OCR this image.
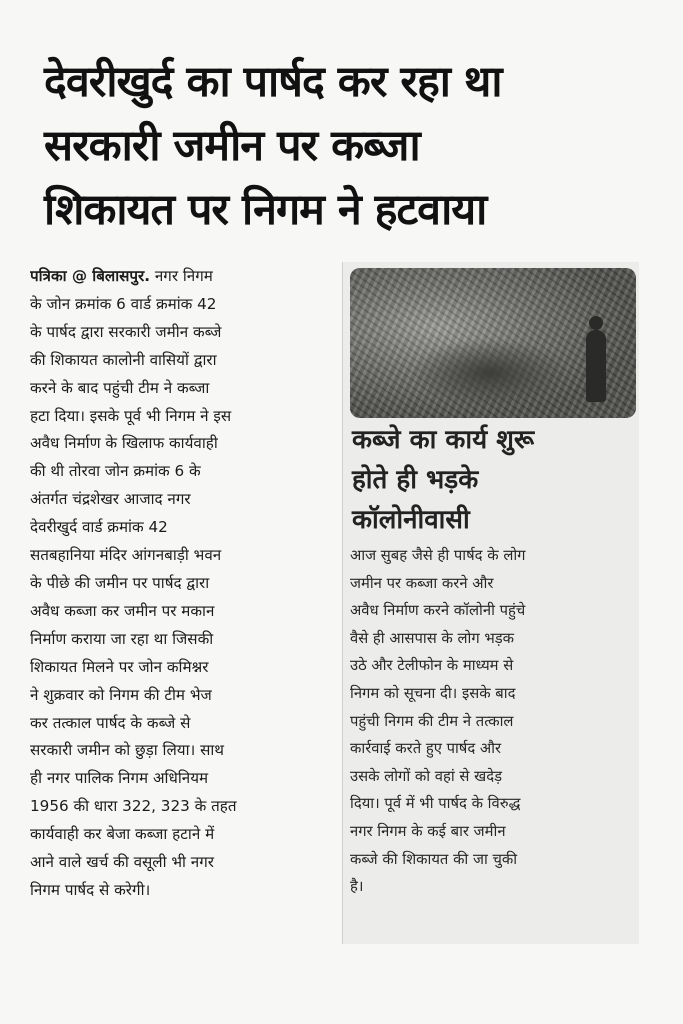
देवरीखुर्द का पार्षद कर रहा था
सरकारी जमीन पर कब्जा
शिकायत पर निगम ने हटवाया
पत्रिका @ बिलासपुर. नगर निगम
के जोन क्रमांक 6 वार्ड क्रमांक 42
के पार्षद द्वारा सरकारी जमीन कब्जे
की शिकायत कालोनी वासियों द्वारा
करने के बाद पहुंची टीम ने कब्जा
हटा दिया। इसके पूर्व भी निगम ने इस
अवैध निर्माण के खिलाफ कार्यवाही
की थी तोरवा जोन क्रमांक 6 के
अंतर्गत चंद्रशेखर आजाद नगर
देवरीखुर्द वार्ड क्रमांक 42
सतबहानिया मंदिर आंगनबाड़ी भवन
के पीछे की जमीन पर पार्षद द्वारा
अवैध कब्जा कर जमीन पर मकान
निर्माण कराया जा रहा था जिसकी
शिकायत मिलने पर जोन कमिश्नर
ने शुक्रवार को निगम की टीम भेज
कर तत्काल पार्षद के कब्जे से
सरकारी जमीन को छुड़ा लिया। साथ
ही नगर पालिक निगम अधिनियम
1956 की धारा 322, 323 के तहत
कार्यवाही कर बेजा कब्जा हटाने में
आने वाले खर्च की वसूली भी नगर
निगम पार्षद से करेगी।
कब्जे का कार्य शुरू
होते ही भड़के
कॉलोनीवासी
आज सुबह जैसे ही पार्षद के लोग
जमीन पर कब्जा करने और
अवैध निर्माण करने कॉलोनी पहुंचे
वैसे ही आसपास के लोग भड़क
उठे और टेलीफोन के माध्यम से
निगम को सूचना दी। इसके बाद
पहुंची निगम की टीम ने तत्काल
कार्रवाई करते हुए पार्षद और
उसके लोगों को वहां से खदेड़
दिया। पूर्व में भी पार्षद के विरुद्ध
नगर निगम के कई बार जमीन
कब्जे की शिकायत की जा चुकी
है।
